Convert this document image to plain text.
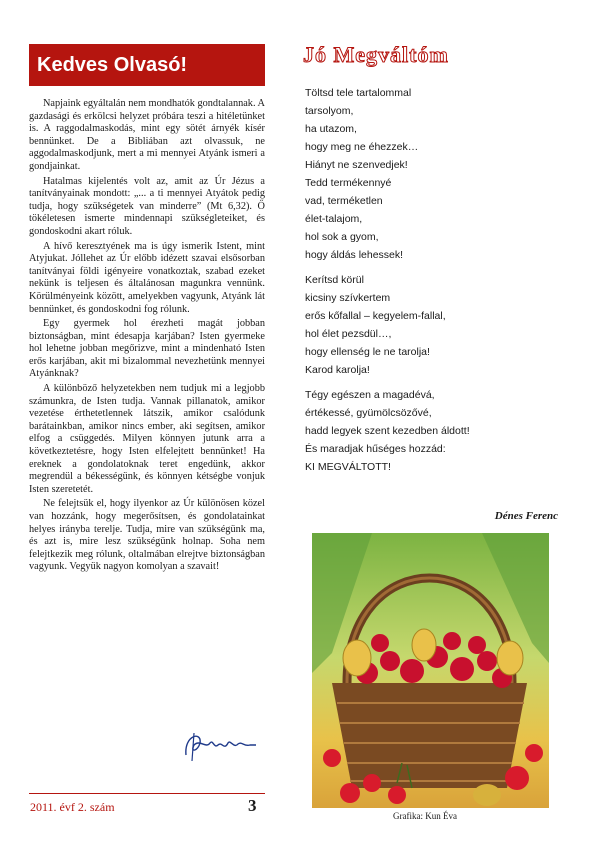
Kedves Olvasó!

Napjaink egyáltalán nem mondhatók gondtalannak. A gazdasági és erkölcsi helyzet próbára teszi a hitéletünket is. A raggodalmaskodás, mint egy sötét árnyék kísér bennünket. De a Bibliában azt olvassuk, ne aggodalmaskodjunk, mert a mi mennyei Atyánk ismeri a gondjainkat.

Hatalmas kijelentés volt az, amit az Úr Jézus a tanítványainak mondott: „... a ti mennyei Atyátok pedig tudja, hogy szükségetek van minderre” (Mt 6,32). Ő tökéletesen ismerte mindennapi szükségleteiket, és gondoskodni akart róluk.

A hívő keresztyének ma is úgy ismerik Istent, mint Atyjukat. Jóllehet az Úr előbb idézett szavai elsősorban tanítványai földi igényeire vonatkoztak, szabad ezeket nekünk is teljesen és általánosan magunkra vennünk. Körülményeink között, amelyekben vagyunk, Atyánk lát bennünket, és gondoskodni fog rólunk.

Egy gyermek hol érezheti magát jobban biztonságban, mint édesapja karjában? Isten gyermeke hol lehetne jobban megőrizve, mint a mindenható Isten erős karjában, akit mi bizalommal nevezhetünk mennyei Atyánknak?

A különböző helyzetekben nem tudjuk mi a legjobb számunkra, de Isten tudja. Vannak pillanatok, amikor vezetése érthetetlennek látszik, amikor csalódunk barátainkban, amikor nincs ember, aki segítsen, amikor elfog a csüggedés. Milyen könnyen jutunk arra a következtetésre, hogy Isten elfelejtett bennünket! Ha ereknek a gondolatoknak teret engedünk, akkor megrendül a békességünk, és könnyen kétségbe vonjuk Isten szeretetét.

Ne felejtsük el, hogy ilyenkor az Úr különösen közel van hozzánk, hogy megerősítsen, és gondolatainkat helyes irányba terelje. Tudja, mire van szükségünk ma, és azt is, mire lesz szükségünk holnap. Soha nem felejtkezik meg rólunk, oltalmában elrejtve biztonságban vagyunk. Vegyük nagyon komolyan a szavait!

2011. évf 2. szám	3
Jó Megváltóm
Töltsd tele tartalommal
tarsolyom,
ha utazom,
hogy meg ne éhezzek…
Hiányt ne szenvedjek!
Tedd termékennyé
vad, terméketlen
élet-talajom,
hol sok a gyom,
hogy áldás lehessek!
Kerítsd körül
kicsiny szívkertem
erős kőfallal – kegyelem-fallal,
hol élet pezsdül…,
hogy ellenség le ne tarolja!
Karod karolja!
Tégy egészen a magadévá,
értékessé, gyümölcsözővé,
hadd legyek szent kezedben áldott!
És maradjak hűséges hozzád:
KI MEGVÁLTOTT!
Dénes Ferenc
Grafika: Kun Éva
